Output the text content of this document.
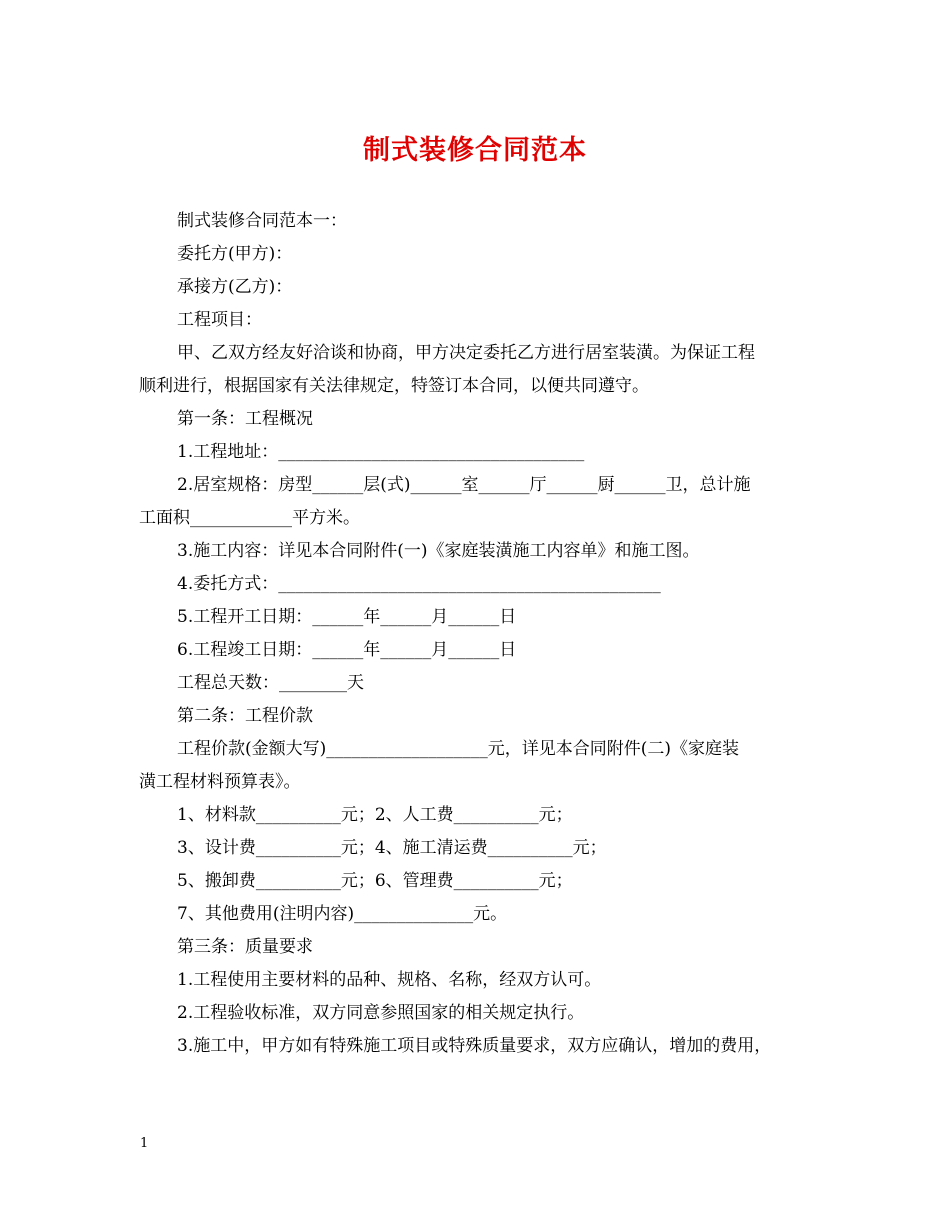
制式装修合同范本
制式装修合同范本一：
委托方(甲方)：
承接方(乙方)：
工程项目：
甲、乙双方经友好洽谈和协商，甲方决定委托乙方进行居室装潢。为保证工程
顺利进行，根据国家有关法律规定，特签订本合同，以便共同遵守。
第一条：工程概况
1.工程地址：____________________________________
2.居室规格：房型______层(式)______室______厅______厨______卫，总计施
工面积____________平方米。
3.施工内容：详见本合同附件(一)《家庭装潢施工内容单》和施工图。
4.委托方式：_____________________________________________
5.工程开工日期：______年______月______日
6.工程竣工日期：______年______月______日
工程总天数：________天
第二条：工程价款
工程价款(金额大写)___________________元，详见本合同附件(二)《家庭装
潢工程材料预算表》。
1、材料款__________元；2、人工费__________元；
3、设计费__________元；4、施工清运费__________元；
5、搬卸费__________元；6、管理费__________元；
7、其他费用(注明内容)______________元。
第三条：质量要求
1.工程使用主要材料的品种、规格、名称，经双方认可。
2.工程验收标准，双方同意参照国家的相关规定执行。
3.施工中，甲方如有特殊施工项目或特殊质量要求，双方应确认，增加的费用，
1
